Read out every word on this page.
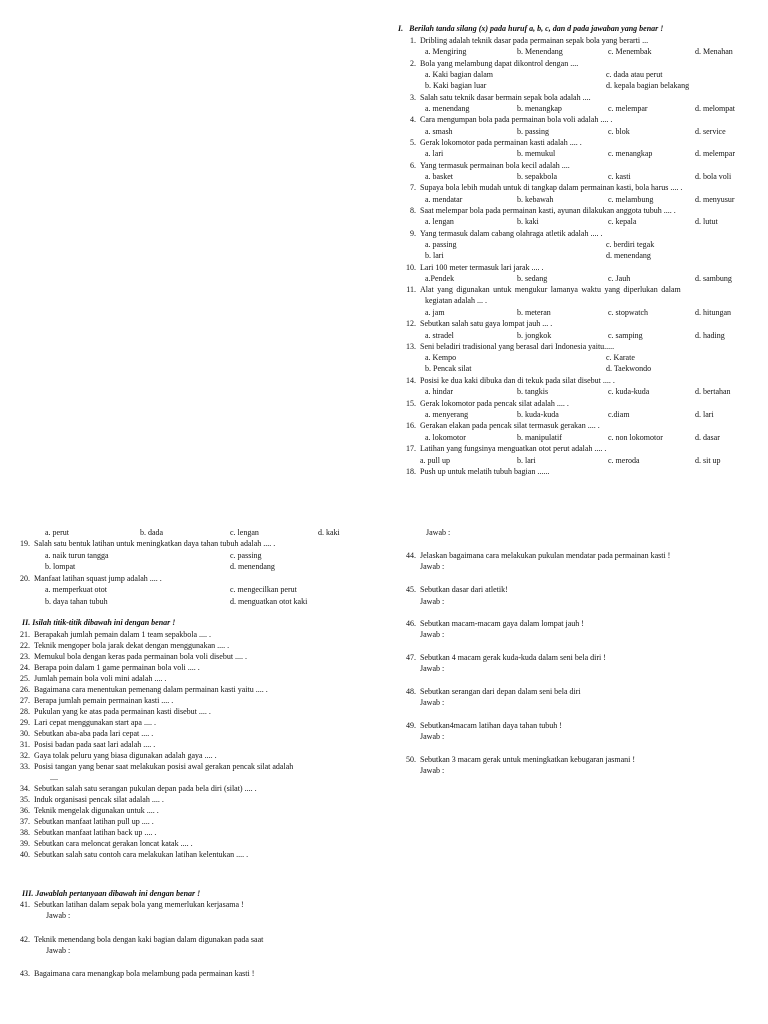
I.   Berilah tanda silang (x) pada huruf a, b, c, dan d pada jawaban yang benar !
1. Dribling adalah teknik dasar pada permainan sepak bola yang berarti ...
a. Mengiring	b. Menendang	c. Menembak	d. Menahan
2. Bola yang melambung dapat dikontrol dengan ....
a. Kaki bagian dalam	c. dada atau perut
b. Kaki bagian luar	d. kepala bagian belakang
3. Salah satu teknik dasar bermain sepak bola adalah ....
a. menendang	b. menangkap	c. melempar	d. melompat
4. Cara mengumpan bola pada permainan bola voli adalah .... .
a. smash	b. passing	c. blok	d. service
5. Gerak lokomotor pada permainan kasti adalah .... .
a. lari	b. memukul	c. menangkap	d. melempar
6. Yang termasuk permainan bola kecil adalah ....
a. basket	b. sepakbola	c. kasti	d. bola voli
7. Supaya bola lebih mudah untuk di tangkap dalam permainan kasti, bola harus .... .
a. mendatar	b. kebawah	c. melambung	d. menyusur
8. Saat melempar bola pada permainan kasti, ayunan dilakukan anggota tubuh .... .
a. lengan	b. kaki	c. kepala	d. lutut
9. Yang termasuk dalam cabang olahraga atletik adalah .... .
a. passing	c. berdiri tegak
b. lari	d. menendang
10. Lari 100 meter termasuk lari jarak .... .
a.Pendek	b. sedang	c. Jauh	d. sambung
11. Alat yang digunakan untuk mengukur lamanya waktu yang diperlukan dalam
kegiatan adalah ... .
a. jam	b. meteran	c. stopwatch	d. hitungan
12. Sebutkan salah satu gaya lompat jauh ... .
a. stradel	b. jongkok	c. samping	d. hading
13. Seni beladiri tradisional yang berasal dari Indonesia yaitu.....
a. Kempo	c. Karate
b. Pencak silat	d. Taekwondo
14. Posisi ke dua kaki dibuka dan di tekuk pada silat disebut .... .
a. hindar	b. tangkis	c. kuda-kuda	d. bertahan
15. Gerak lokomotor pada pencak silat adalah .... .
a. menyerang	b. kuda-kuda	c.diam	d. lari
16. Gerakan elakan pada pencak silat termasuk gerakan .... .
a. lokomotor	b. manipulatif	c. non lokomotor	d. dasar
17. Latihan yang fungsinya menguatkan otot perut adalah .... .
a. pull up	b. lari	c. meroda	d. sit up
18. Push up untuk melatih tubuh bagian ......
a. perut	b. dada	c. lengan	d. kaki
19. Salah satu bentuk latihan untuk meningkatkan daya tahan tubuh adalah .... .
a. naik turun tangga	c. passing
b. lompat	d. menendang
20. Manfaat latihan squast jump adalah .... .
a. memperkuat otot	c. mengecilkan perut
b. daya tahan tubuh	d. menguatkan otot kaki
II. Isilah titik-titik dibawah ini dengan benar !
21. Berapakah jumlah pemain dalam 1 team sepakbola .... .
22. Teknik mengoper bola jarak dekat dengan menggunakan .... .
23. Memukul bola dengan keras pada permainan bola voli disebut .... .
24. Berapa poin dalam 1 game permainan bola voli .... .
25. Jumlah pemain bola voli mini adalah .... .
26. Bagaimana cara menentukan pemenang dalam permainan kasti yaitu .... .
27. Berapa jumlah pemain permainan kasti .... .
28. Pukulan yang ke atas pada permainan kasti disebut .... .
29. Lari cepat menggunakan start apa .... .
30. Sebutkan aba-aba pada lari cepat .... .
31. Posisi badan pada saat lari adalah .... .
32. Gaya tolak peluru yang biasa digunakan adalah gaya .... .
33. Posisi tangan yang benar saat melakukan posisi awal gerakan pencak silat adalah
....
34. Sebutkan salah satu serangan pukulan depan pada bela diri (silat) .... .
35. Induk organisasi pencak silat adalah .... .
36. Teknik mengelak digunakan untuk .... .
37. Sebutkan manfaat latihan pull up .... .
38. Sebutkan manfaat latihan back up .... .
39. Sebutkan cara meloncat gerakan loncat katak .... .
40. Sebutkan salah satu contoh cara melakukan latihan kelentukan .... .
III. Jawablah pertanyaan dibawah ini dengan benar !
41. Sebutkan latihan dalam sepak bola yang memerlukan kerjasama !
Jawab :
42. Teknik menendang bola dengan kaki bagian dalam digunakan pada saat
Jawab :
43. Bagaimana cara menangkap bola melambung pada permainan kasti !
Jawab :
44. Jelaskan bagaimana cara melakukan pukulan mendatar pada permainan kasti !
Jawab :
45. Sebutkan dasar dari atletik!
Jawab :
46. Sebutkan macam-macam gaya dalam lompat jauh !
Jawab :
47. Sebutkan 4 macam gerak kuda-kuda dalam seni bela diri !
Jawab :
48. Sebutkan serangan dari depan dalam seni bela diri
Jawab :
49. Sebutkan4macam latihan daya tahan tubuh !
Jawab :
50. Sebutkan 3 macam gerak untuk meningkatkan kebugaran jasmani !
Jawab :
